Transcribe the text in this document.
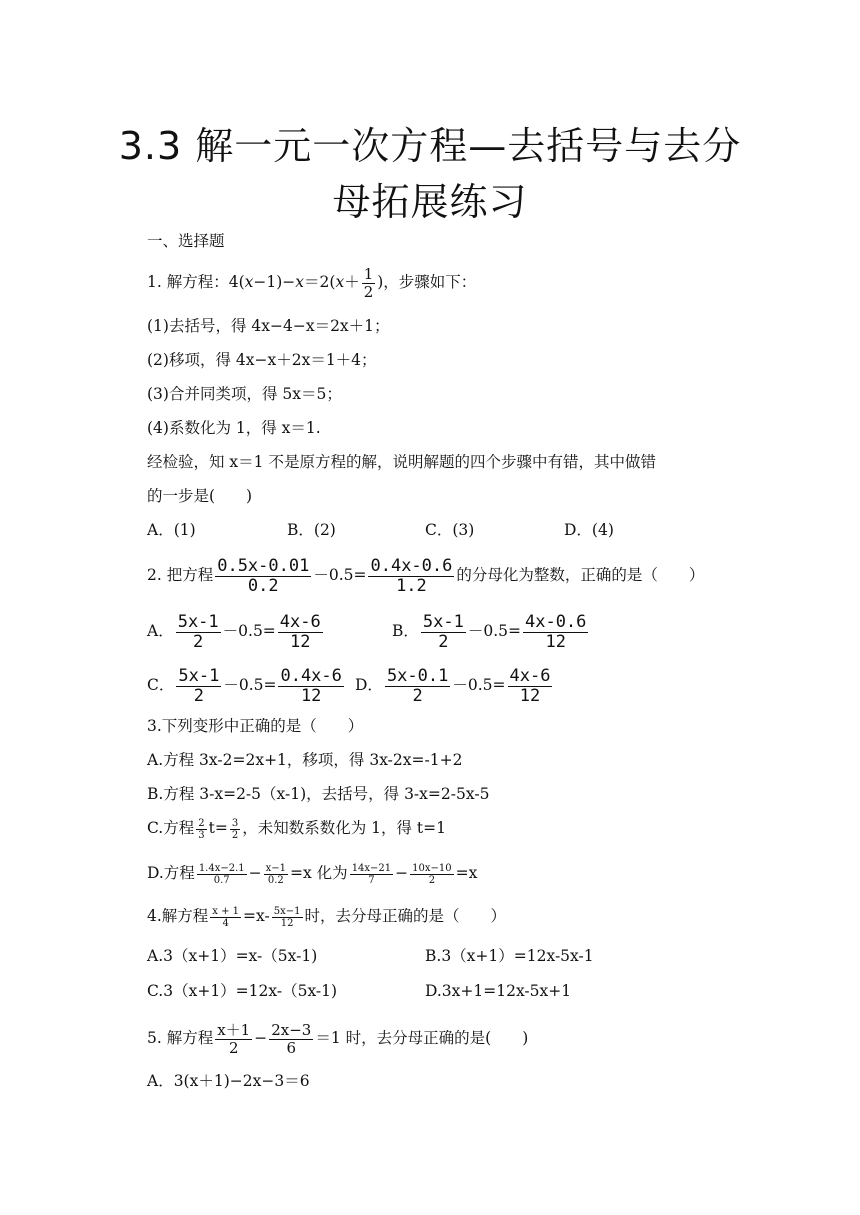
3.3 解一元一次方程—去括号与去分
母拓展练习
一、选择题
1. 解方程：$4(x-1)-x=2(x+ \frac{1}{2}$ )，步骤如下：
(1)去括号，得 4x−4−x＝2x＋1；
(2)移项，得 4x−x＋2x＝1＋4；
(3)合并同类项，得 5x＝5；
(4)系数化为 1，得 x＝1.
经检验，知 x＝1 不是原方程的解，说明解题的四个步骤中有错，其中做错
的一步是(　　)
A．(1)	B．(2)	C．(3)	D．(4)
2. 把方程 $\frac{0.5x-0.01}{0.2} -0.5= \frac{0.4x-0.6}{1.2}$ 的分母化为整数，正确的是（　　）
A． $\frac{5x-1}{2} -0.5= \frac{4x-6}{12}$	B． $\frac{5x-1}{2} -0.5= \frac{4x-0.6}{12}$
C． $\frac{5x-1}{2} -0.5= \frac{0.4x-6}{12}$ D． $\frac{5x-0.1}{2} -0.5= \frac{4x-6}{12}$
3.下列变形中正确的是（　　）
A.方程 3x-2=2x+1，移项，得 3x-2x=-1+2
B.方程 3-x=2-5（x-1)，去括号，得 3-x=2-5x-5
C.方程 $\frac{2}{3} t= \frac{3}{2}$ ，未知数系数化为 1，得 t=1
D.方程 $\frac{1.4x-2.1}{0.7} - \frac{x-1}{0.2} =x$ 化为 $\frac{14x-21}{7} - \frac{10x-10}{2} =x$
4.解方程 $\frac{x + 1}{4} =x- \frac{5x-1}{12}$ 时，去分母正确的是（　　）
A.3（x+1）=x-（5x-1)	B.3（x+1）=12x-5x-1
C.3（x+1）=12x-（5x-1)	D.3x+1=12x-5x+1
5. 解方程 $\frac{x+1}{2} - \frac{2x-3}{6} =1$ 时，去分母正确的是(　　)
A．3(x＋1)−2x−3＝6
